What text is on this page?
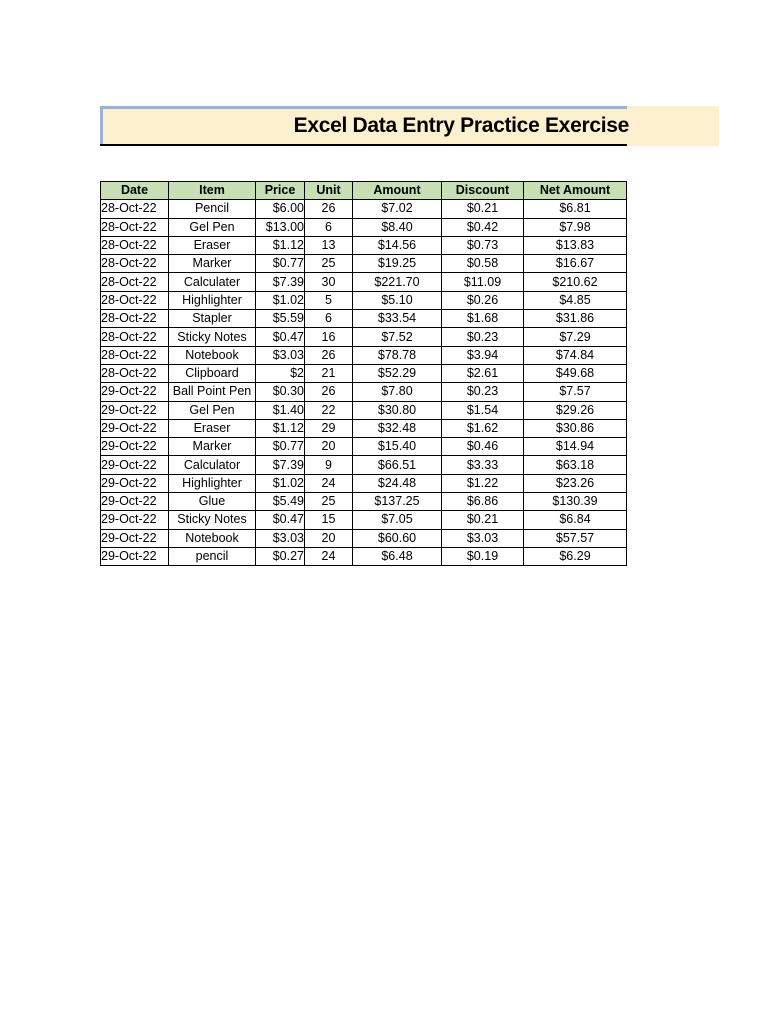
Excel Data Entry Practice Exercise
Date	Item	Price	Unit	Amount	Discount	Net Amount
28-Oct-22	Pencil	$6.00	26	$7.02	$0.21	$6.81
28-Oct-22	Gel Pen	$13.00	6	$8.40	$0.42	$7.98
28-Oct-22	Eraser	$1.12	13	$14.56	$0.73	$13.83
28-Oct-22	Marker	$0.77	25	$19.25	$0.58	$16.67
28-Oct-22	Calculater	$7.39	30	$221.70	$11.09	$210.62
28-Oct-22	Highlighter	$1.02	5	$5.10	$0.26	$4.85
28-Oct-22	Stapler	$5.59	6	$33.54	$1.68	$31.86
28-Oct-22	Sticky Notes	$0.47	16	$7.52	$0.23	$7.29
28-Oct-22	Notebook	$3.03	26	$78.78	$3.94	$74.84
28-Oct-22	Clipboard	$2	21	$52.29	$2.61	$49.68
29-Oct-22	Ball Point Pen	$0.30	26	$7.80	$0.23	$7.57
29-Oct-22	Gel Pen	$1.40	22	$30.80	$1.54	$29.26
29-Oct-22	Eraser	$1.12	29	$32.48	$1.62	$30.86
29-Oct-22	Marker	$0.77	20	$15.40	$0.46	$14.94
29-Oct-22	Calculator	$7.39	9	$66.51	$3.33	$63.18
29-Oct-22	Highlighter	$1.02	24	$24.48	$1.22	$23.26
29-Oct-22	Glue	$5.49	25	$137.25	$6.86	$130.39
29-Oct-22	Sticky Notes	$0.47	15	$7.05	$0.21	$6.84
29-Oct-22	Notebook	$3.03	20	$60.60	$3.03	$57.57
29-Oct-22	pencil	$0.27	24	$6.48	$0.19	$6.29
